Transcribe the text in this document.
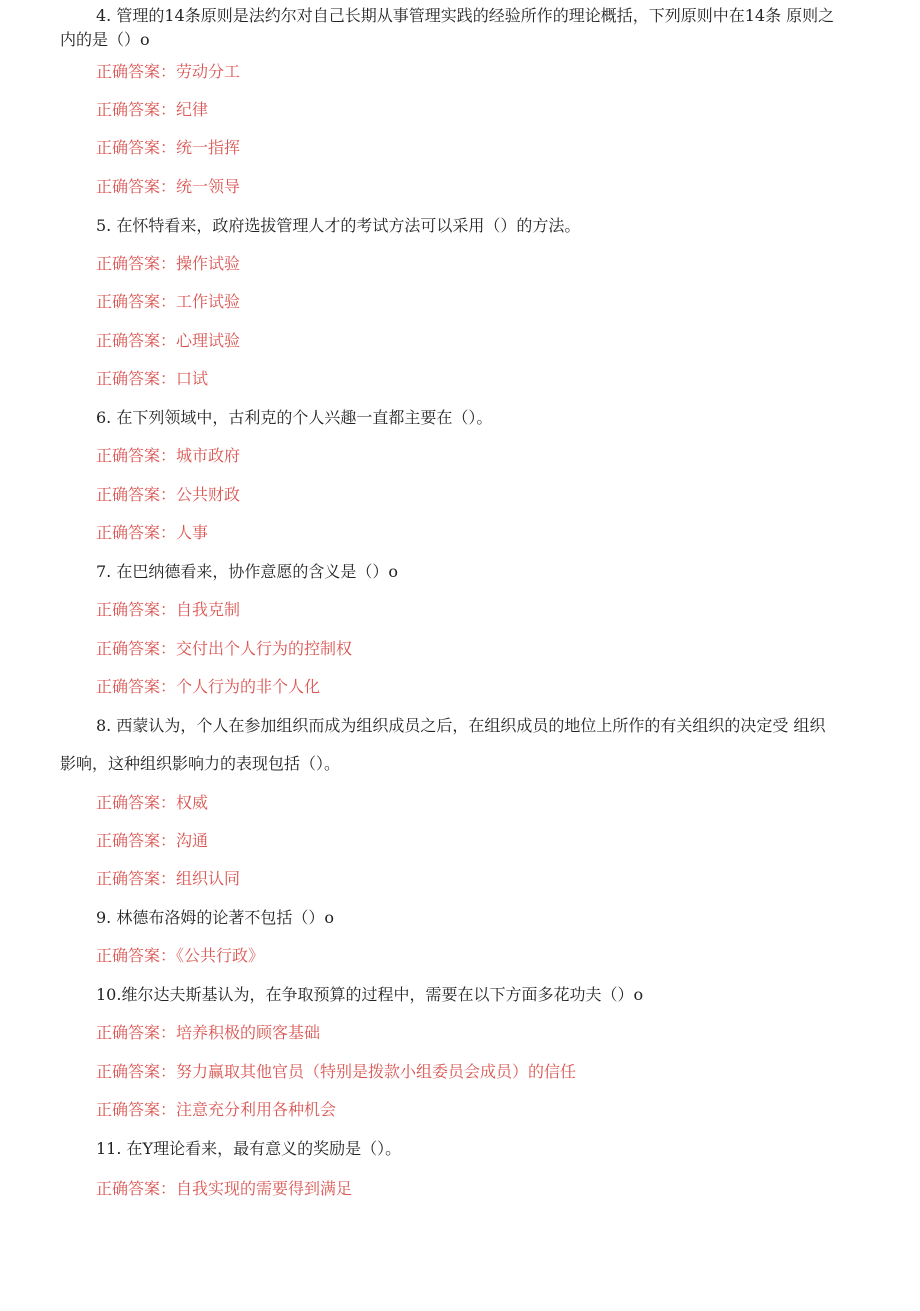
4. 管理的14条原则是法约尔对自己长期从事管理实践的经验所作的理论概括，下列原则中在14条 原则之
内的是（）o
正确答案：劳动分工
正确答案：纪律
正确答案：统一指挥
正确答案：统一领导
5. 在怀特看来，政府选拔管理人才的考试方法可以采用（）的方法。
正确答案：操作试验
正确答案：工作试验
正确答案：心理试验
正确答案：口试
6. 在下列领域中，古利克的个人兴趣一直都主要在（）。
正确答案：城市政府
正确答案：公共财政
正确答案：人事
7. 在巴纳德看来，协作意愿的含义是（）o
正确答案：自我克制
正确答案：交付出个人行为的控制权
正确答案：个人行为的非个人化
8. 西蒙认为，个人在参加组织而成为组织成员之后，在组织成员的地位上所作的有关组织的决定受 组织
影响，这种组织影响力的表现包括（）。
正确答案：权威
正确答案：沟通
正确答案：组织认同
9. 林德布洛姆的论著不包括（）o
正确答案：《公共行政》
10.维尔达夫斯基认为，在争取预算的过程中，需要在以下方面多花功夫（）o
正确答案：培养积极的顾客基础
正确答案：努力赢取其他官员（特别是拨款小组委员会成员）的信任
正确答案：注意充分利用各种机会
11. 在Y理论看来，最有意义的奖励是（）。
正确答案：自我实现的需要得到满足
